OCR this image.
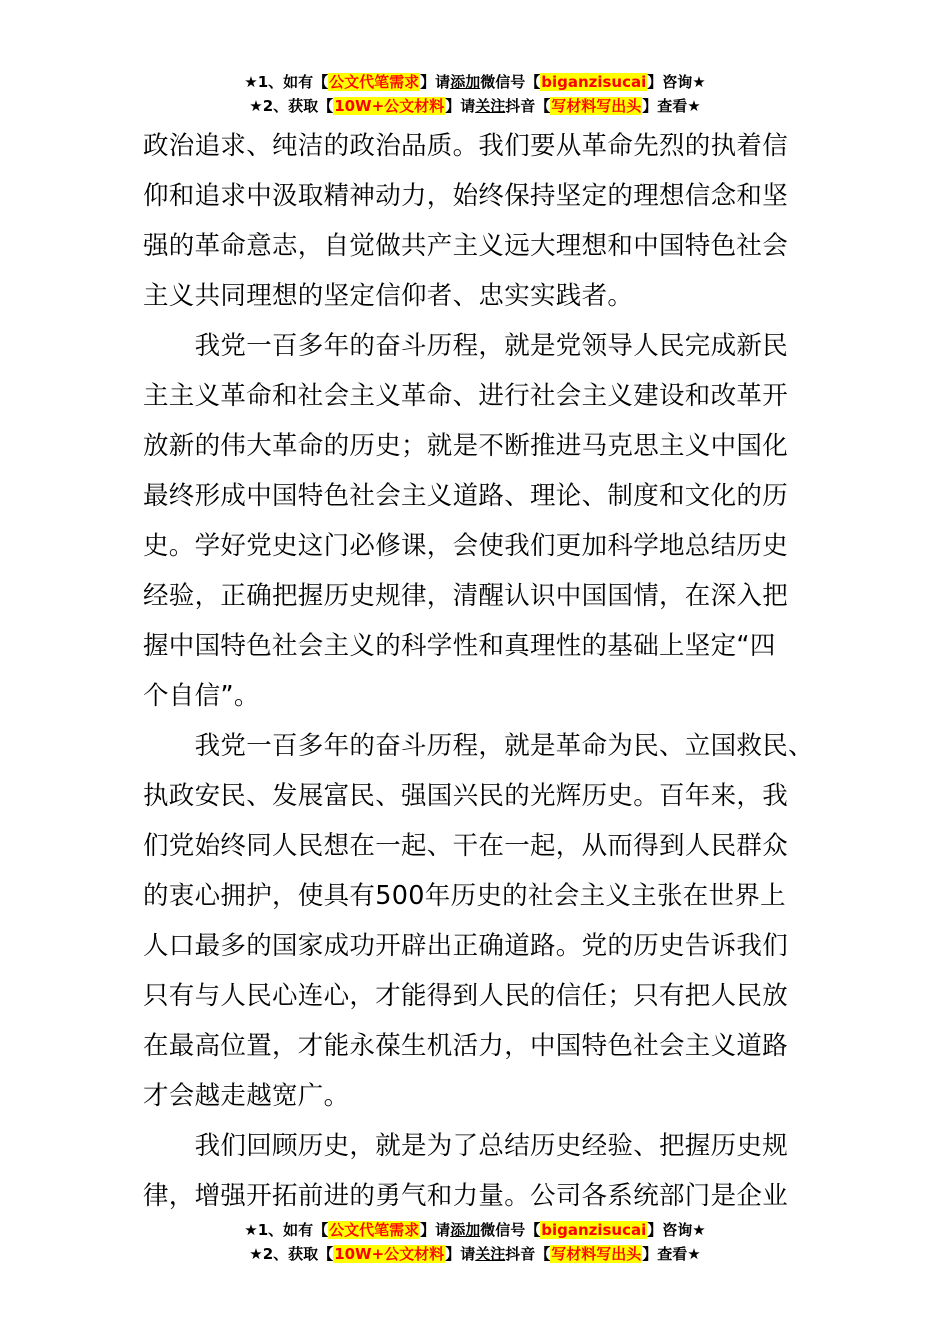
★1、如有【公文代笔需求】请添加微信号【biganzisucai】咨询★
★2、获取【10W+公文材料】请关注抖音【写材料写出头】查看★
政治追求、纯洁的政治品质。我们要从革命先烈的执着信
仰和追求中汲取精神动力，始终保持坚定的理想信念和坚
强的革命意志，自觉做共产主义远大理想和中国特色社会
主义共同理想的坚定信仰者、忠实实践者。
　　我党一百多年的奋斗历程，就是党领导人民完成新民
主主义革命和社会主义革命、进行社会主义建设和改革开
放新的伟大革命的历史；就是不断推进马克思主义中国化
最终形成中国特色社会主义道路、理论、制度和文化的历
史。学好党史这门必修课，会使我们更加科学地总结历史
经验，正确把握历史规律，清醒认识中国国情，在深入把
握中国特色社会主义的科学性和真理性的基础上坚定“四
个自信”。
　　我党一百多年的奋斗历程，就是革命为民、立国救民、
执政安民、发展富民、强国兴民的光辉历史。百年来，我
们党始终同人民想在一起、干在一起，从而得到人民群众
的衷心拥护，使具有500年历史的社会主义主张在世界上
人口最多的国家成功开辟出正确道路。党的历史告诉我们
只有与人民心连心，才能得到人民的信任；只有把人民放
在最高位置，才能永葆生机活力，中国特色社会主义道路
才会越走越宽广。
　　我们回顾历史，就是为了总结历史经验、把握历史规
律，增强开拓前进的勇气和力量。公司各系统部门是企业
★1、如有【公文代笔需求】请添加微信号【biganzisucai】咨询★
★2、获取【10W+公文材料】请关注抖音【写材料写出头】查看★
